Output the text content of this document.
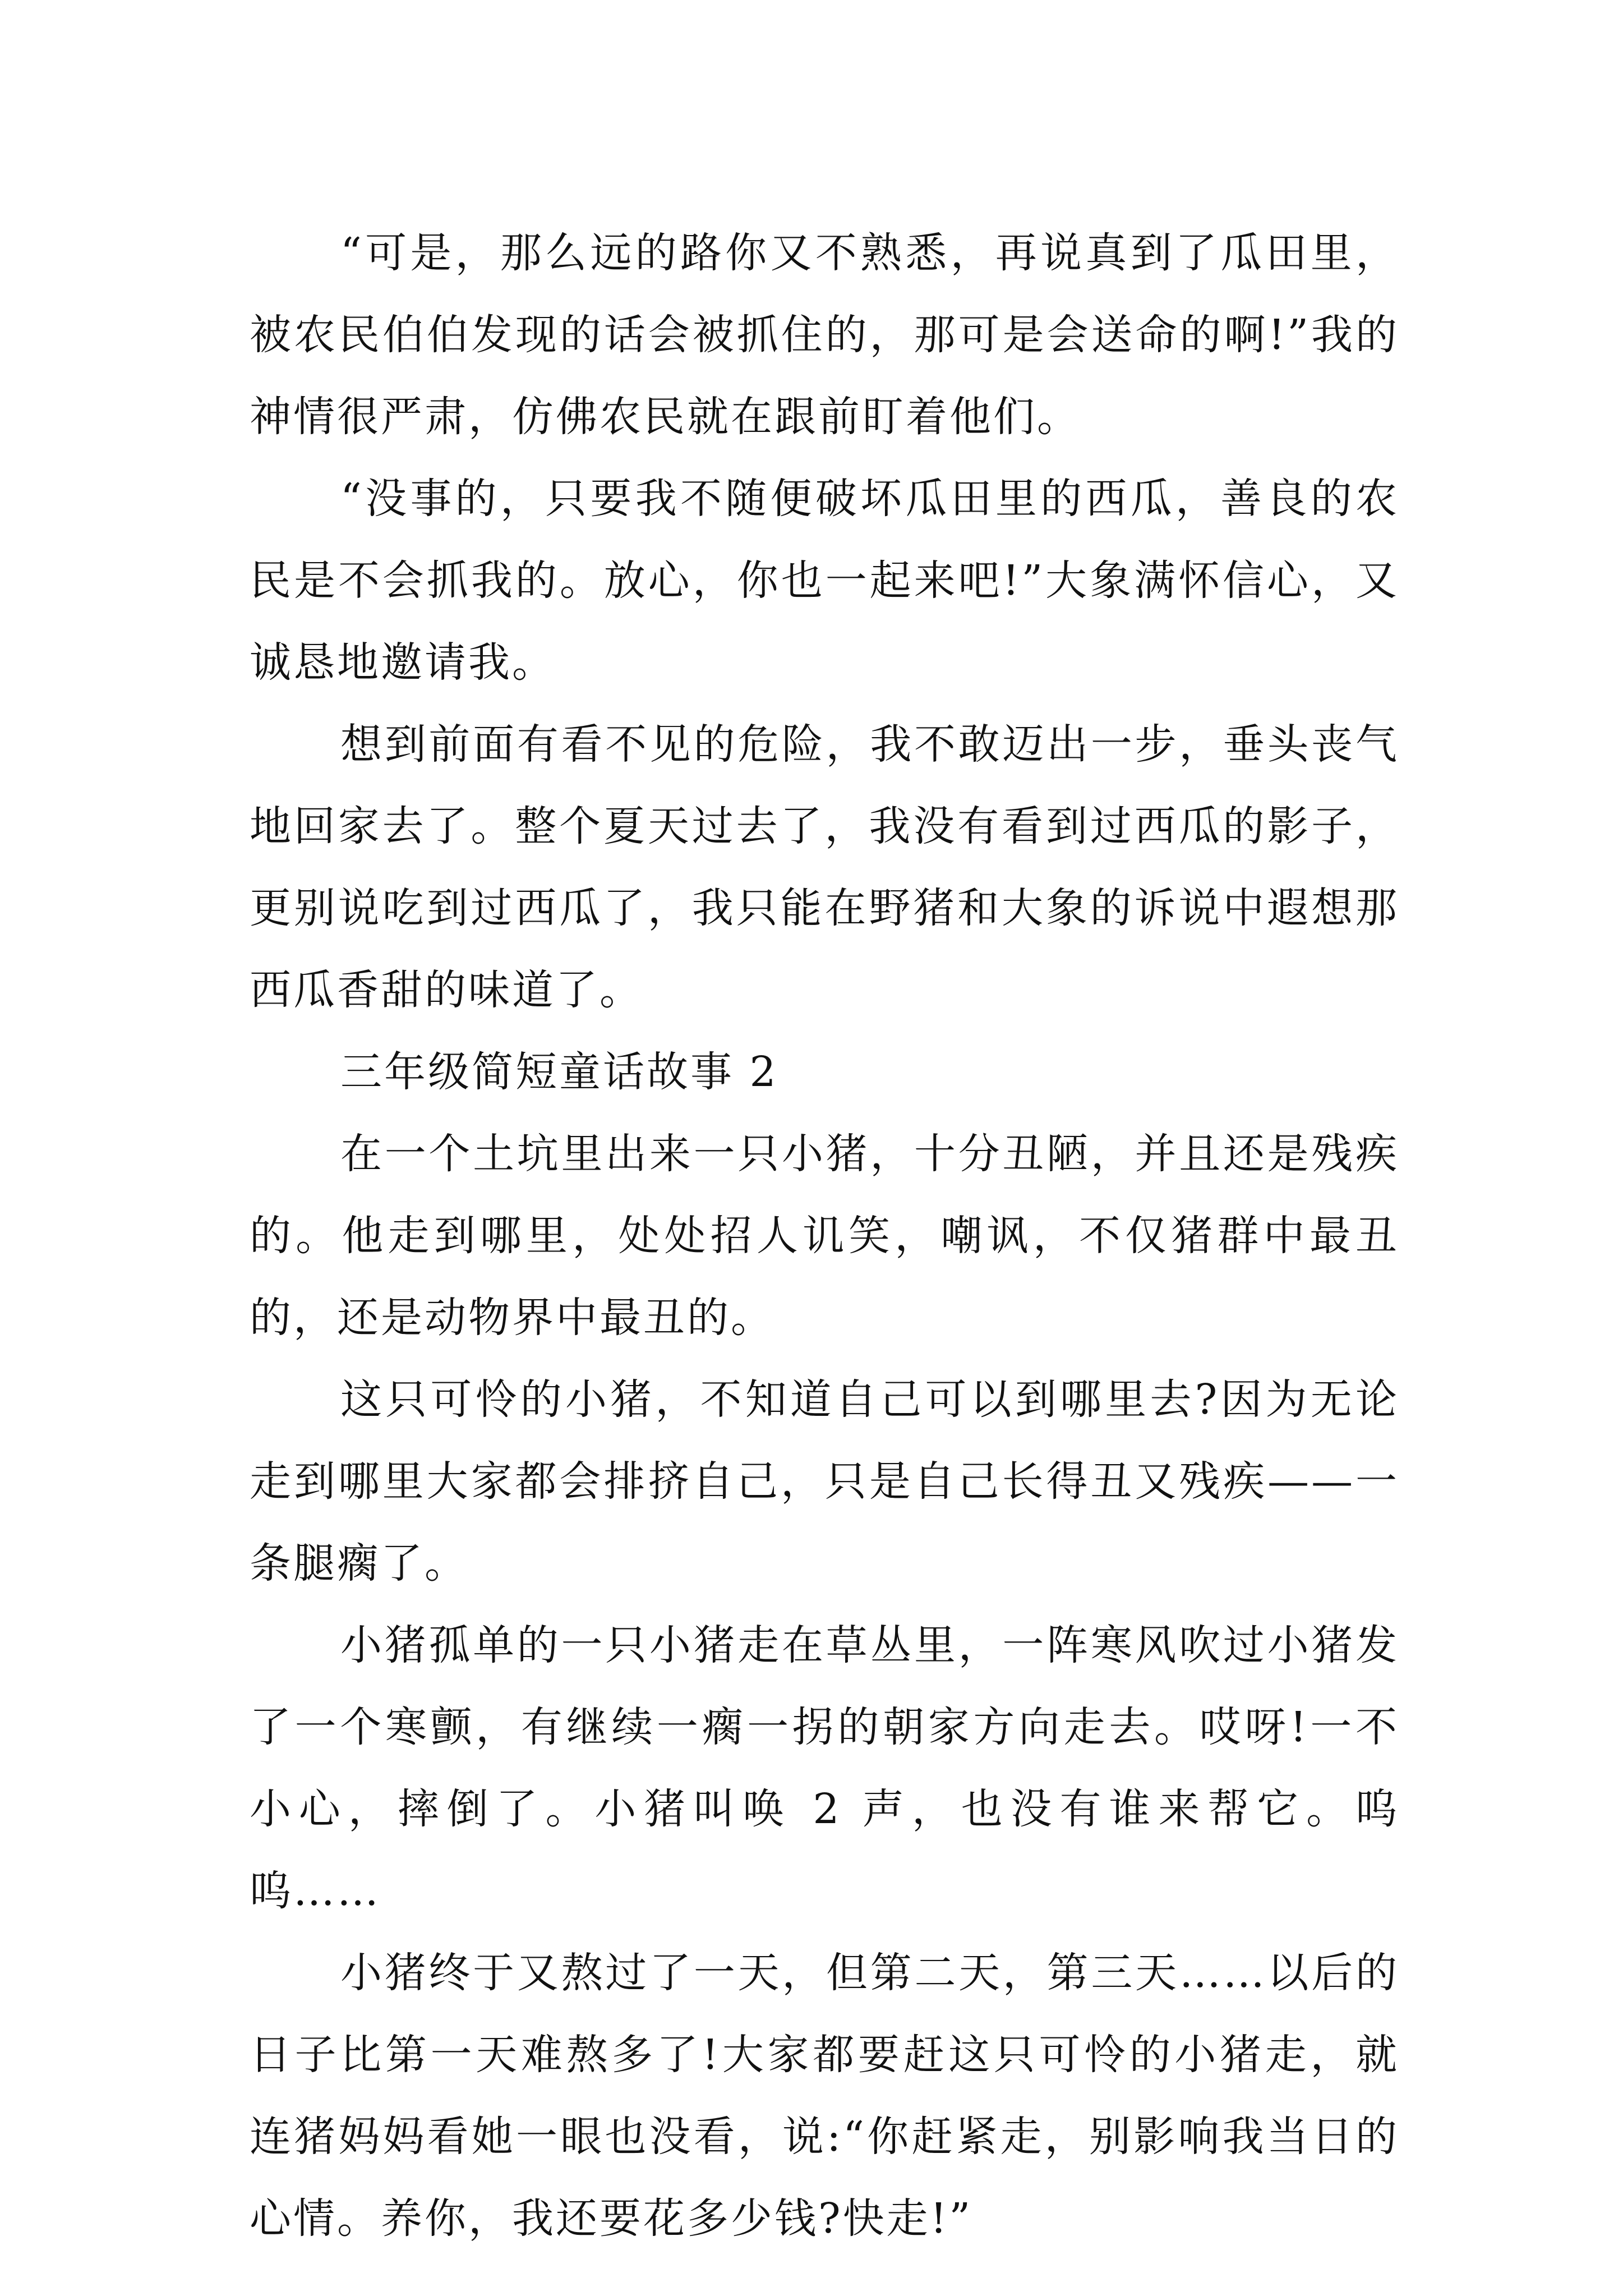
“可是，那么远的路你又不熟悉，再说真到了瓜田里，被农民伯伯发现的话会被抓住的，那可是会送命的啊!”我的神情很严肃，仿佛农民就在跟前盯着他们。

“没事的，只要我不随便破坏瓜田里的西瓜，善良的农民是不会抓我的。放心，你也一起来吧!”大象满怀信心，又诚恳地邀请我。

想到前面有看不见的危险，我不敢迈出一步，垂头丧气地回家去了。整个夏天过去了，我没有看到过西瓜的影子，更别说吃到过西瓜了，我只能在野猪和大象的诉说中遐想那西瓜香甜的味道了。

三年级简短童话故事 2

在一个土坑里出来一只小猪，十分丑陋，并且还是残疾的。他走到哪里，处处招人讥笑，嘲讽，不仅猪群中最丑的，还是动物界中最丑的。

这只可怜的小猪，不知道自己可以到哪里去?因为无论走到哪里大家都会排挤自己，只是自己长得丑又残疾——一条腿瘸了。

小猪孤单的一只小猪走在草丛里，一阵寒风吹过小猪发了一个寒颤，有继续一瘸一拐的朝家方向走去。哎呀!一不小心，摔倒了。小猪叫唤 2 声，也没有谁来帮它。呜呜……

小猪终于又熬过了一天，但第二天，第三天……以后的日子比第一天难熬多了!大家都要赶这只可怜的小猪走，就连猪妈妈看她一眼也没看，说:“你赶紧走，别影响我当日的心情。养你，我还要花多少钱?快走!”
